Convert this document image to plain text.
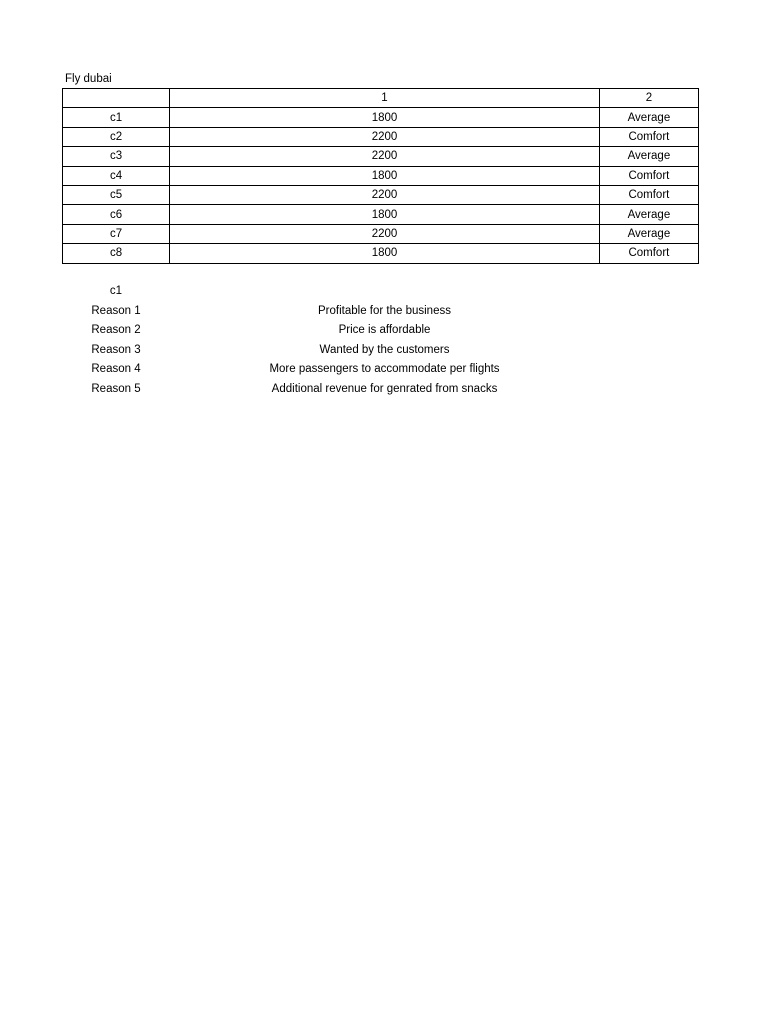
Fly dubai
	1	2
c1	1800	Average
c2	2200	Comfort
c3	2200	Average
c4	1800	Comfort
c5	2200	Comfort
c6	1800	Average
c7	2200	Average
c8	1800	Comfort
c1		
Reason 1	Profitable for the business	
Reason 2	Price is affordable	
Reason 3	Wanted by the customers	
Reason 4	More passengers to accommodate per flights	
Reason 5	Additional revenue for genrated from snacks	
